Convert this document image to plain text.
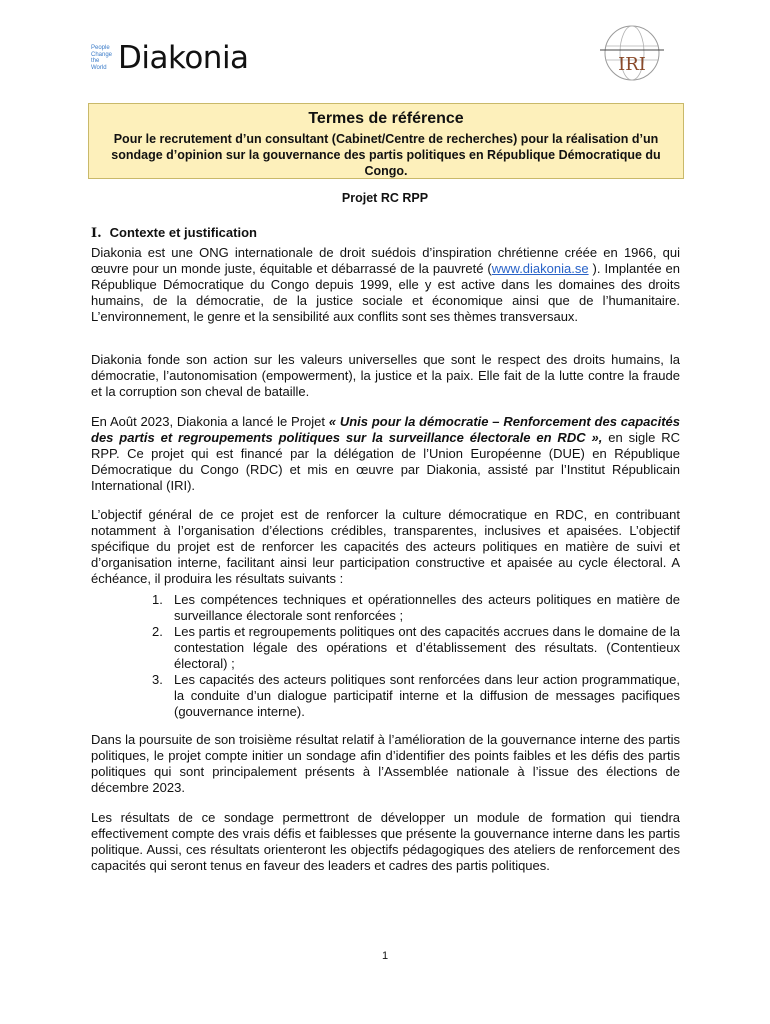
People
Change
the World Diakonia	IRI
Termes de référence

Pour le recrutement d’un consultant (Cabinet/Centre de recherches) pour la réalisation d’un sondage d’opinion sur la gouvernance des partis politiques en République Démocratique du Congo.

Projet RC RPP
I. Contexte et justification

Diakonia est une ONG internationale de droit suédois d’inspiration chrétienne créée en 1966, qui œuvre pour un monde juste, équitable et débarrassé de la pauvreté (www.diakonia.se ). Implantée en République Démocratique du Congo depuis 1999, elle y est active dans les domaines des droits humains, de la démocratie, de la justice sociale et économique ainsi que de l’humanitaire. L’environnement, le genre et la sensibilité aux conflits sont ses thèmes transversaux.

Diakonia fonde son action sur les valeurs universelles que sont le respect des droits humains, la démocratie, l’autonomisation (empowerment), la justice et la paix. Elle fait de la lutte contre la fraude et la corruption son cheval de bataille.

En Août 2023, Diakonia a lancé le Projet « Unis pour la démocratie – Renforcement des capacités des partis et regroupements politiques sur la surveillance électorale en RDC », en sigle RC RPP. Ce projet qui est financé par la délégation de l’Union Européenne (DUE) en République Démocratique du Congo (RDC) et mis en œuvre par Diakonia, assisté par l’Institut Républicain International (IRI).

L’objectif général de ce projet est de renforcer la culture démocratique en RDC, en contribuant notamment à l’organisation d’élections crédibles, transparentes, inclusives et apaisées. L’objectif spécifique du projet est de renforcer les capacités des acteurs politiques en matière de suivi et d’organisation interne, facilitant ainsi leur participation constructive et apaisée au cycle électoral. A échéance, il produira les résultats suivants :

1. Les compétences techniques et opérationnelles des acteurs politiques en matière de surveillance électorale sont renforcées ;
2. Les partis et regroupements politiques ont des capacités accrues dans le domaine de la contestation légale des opérations et d’établissement des résultats. (Contentieux électoral) ;
3. Les capacités des acteurs politiques sont renforcées dans leur action programmatique, la conduite d’un dialogue participatif interne et la diffusion de messages pacifiques (gouvernance interne).

Dans la poursuite de son troisième résultat relatif à l’amélioration de la gouvernance interne des partis politiques, le projet compte initier un sondage afin d’identifier des points faibles et les défis des partis politiques qui sont principalement présents à l’Assemblée nationale à l’issue des élections de décembre 2023.

Les résultats de ce sondage permettront de développer un module de formation qui tiendra effectivement compte des vrais défis et faiblesses que présente la gouvernance interne dans les partis politique. Aussi, ces résultats orienteront les objectifs pédagogiques des ateliers de renforcement des capacités qui seront tenus en faveur des leaders et cadres des partis politiques.

1
